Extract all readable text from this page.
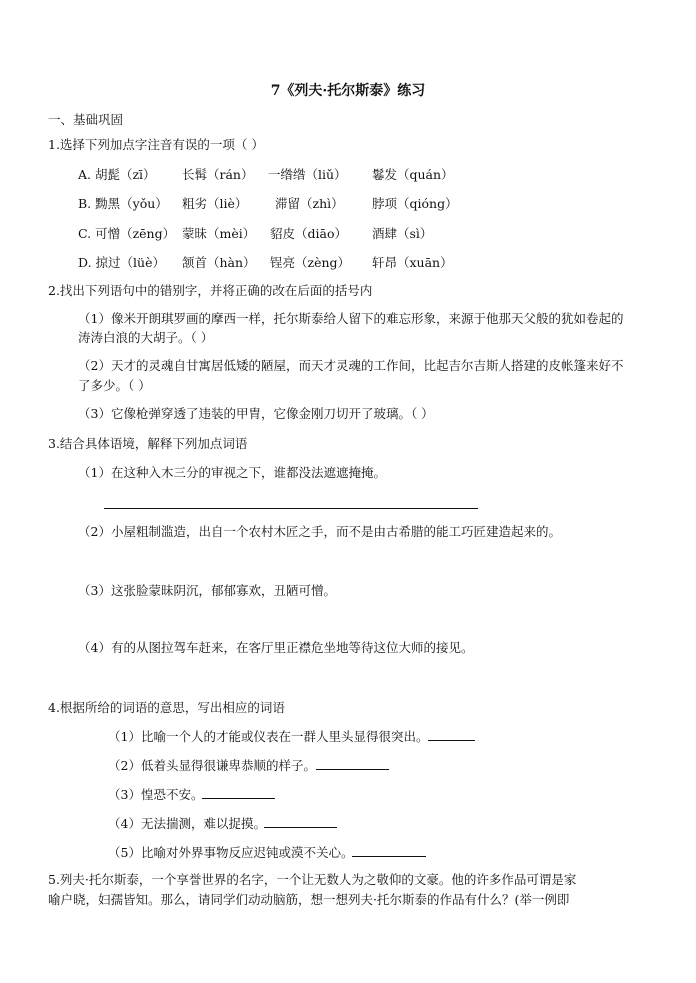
7《列夫·托尔斯泰》练习
一、基础巩固
1.选择下列加点字注音有误的一项（ ）
A. 胡髭（zī） 长髯（rán） 一绺绺（liǔ） 鬈发（quán）
B. 黝黑（yǒu） 粗劣（liè） 滞留（zhì） 脖项（qióng）
C. 可憎（zēng） 蒙昧（mèi） 貂皮（diāo） 酒肆（sì）
D. 掠过（lüè） 颔首（hàn） 锃亮（zèng） 轩昂（xuān）
2.找出下列语句中的错别字，并将正确的改在后面的括号内
（1）像米开朗琪罗画的摩西一样，托尔斯泰给人留下的难忘形象，来源于他那天父般的犹如卷起的
涛涛白浪的大胡子。（ ）
（2）天才的灵魂自甘寓居低矮的陋屋，而天才灵魂的工作间，比起吉尔吉斯人搭建的皮帐篷来好不
了多少。（ ）
（3）它像枪弹穿透了违装的甲胄，它像金刚刀切开了玻璃。（ ）
3.结合具体语境，解释下列加点词语
（1）在这种入木三分的审视之下，谁都没法遮遮掩掩。
（2）小屋粗制滥造，出自一个农村木匠之手，而不是由古希腊的能工巧匠建造起来的。
（3）这张脸蒙昧阴沉，郁郁寡欢，丑陋可憎。
（4）有的从图拉驾车赶来，在客厅里正襟危坐地等待这位大师的接见。
4.根据所给的词语的意思，写出相应的词语
（1）比喻一个人的才能或仪表在一群人里头显得很突出。
（2）低着头显得很谦卑恭顺的样子。
（3）惶恐不安。
（4）无法揣测，难以捉摸。
（5）比喻对外界事物反应迟钝或漠不关心。
5.列夫·托尔斯泰，一个享誉世界的名字，一个让无数人为之敬仰的文豪。他的许多作品可谓是家
喻户晓，妇孺皆知。那么，请同学们动动脑筋，想一想列夫·托尔斯泰的作品有什么？(举一例即
